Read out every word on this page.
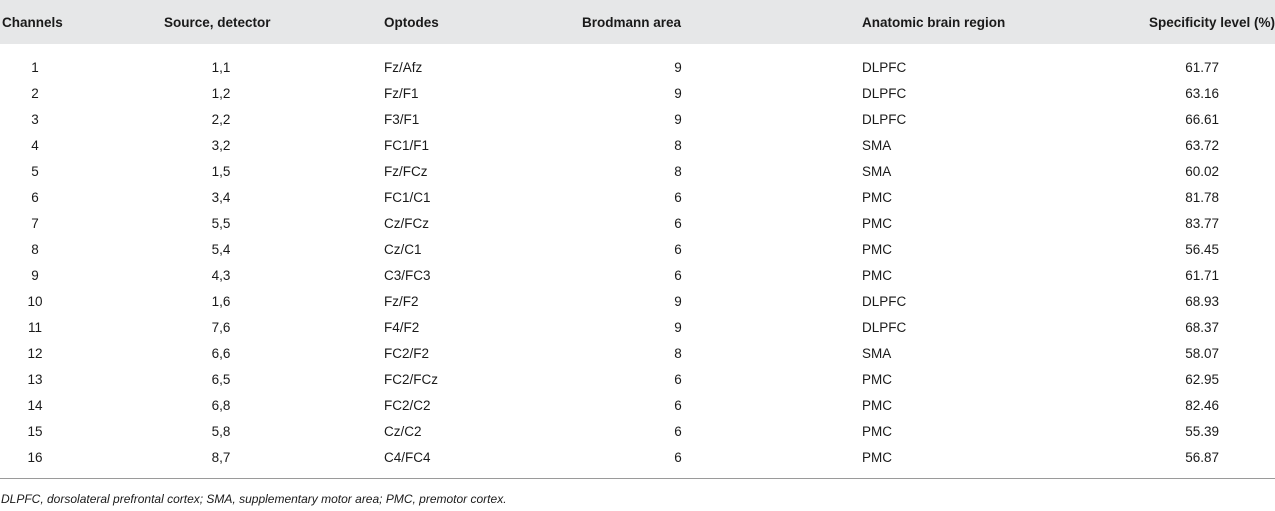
Channels	Source, detector	Optodes	Brodmann area	Anatomic brain region	Specificity level (%)

1	1,1	Fz/Afz	9	DLPFC	61.77
2	1,2	Fz/F1	9	DLPFC	63.16
3	2,2	F3/F1	9	DLPFC	66.61
4	3,2	FC1/F1	8	SMA	63.72
5	1,5	Fz/FCz	8	SMA	60.02
6	3,4	FC1/C1	6	PMC	81.78
7	5,5	Cz/FCz	6	PMC	83.77
8	5,4	Cz/C1	6	PMC	56.45
9	4,3	C3/FC3	6	PMC	61.71
10	1,6	Fz/F2	9	DLPFC	68.93
11	7,6	F4/F2	9	DLPFC	68.37
12	6,6	FC2/F2	8	SMA	58.07
13	6,5	FC2/FCz	6	PMC	62.95
14	6,8	FC2/C2	6	PMC	82.46
15	5,8	Cz/C2	6	PMC	55.39
16	8,7	C4/FC4	6	PMC	56.87

DLPFC, dorsolateral prefrontal cortex; SMA, supplementary motor area; PMC, premotor cortex.
